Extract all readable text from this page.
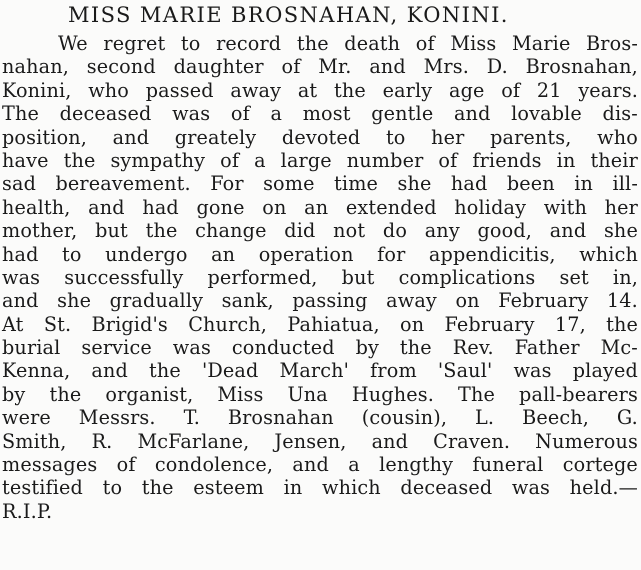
MISS MARIE BROSNAHAN, KONINI.
We regret to record the death of Miss Marie Bros-
nahan, second daughter of Mr. and Mrs. D. Brosnahan,
Konini, who passed away at the early age of 21 years.
The deceased was of a most gentle and lovable dis-
position, and greately devoted to her parents, who
have the sympathy of a large number of friends in their
sad bereavement. For some time she had been in ill-
health, and had gone on an extended holiday with her
mother, but the change did not do any good, and she
had to undergo an operation for appendicitis, which
was successfully performed, but complications set in,
and she gradually sank, passing away on February 14.
At St. Brigid's Church, Pahiatua, on February 17, the
burial service was conducted by the Rev. Father Mc-
Kenna, and the 'Dead March' from 'Saul' was played
by the organist, Miss Una Hughes. The pall-bearers
were Messrs. T. Brosnahan (cousin), L. Beech, G.
Smith, R. McFarlane, Jensen, and Craven. Numerous
messages of condolence, and a lengthy funeral cortege
testified to the esteem in which deceased was held.—
R.I.P.
